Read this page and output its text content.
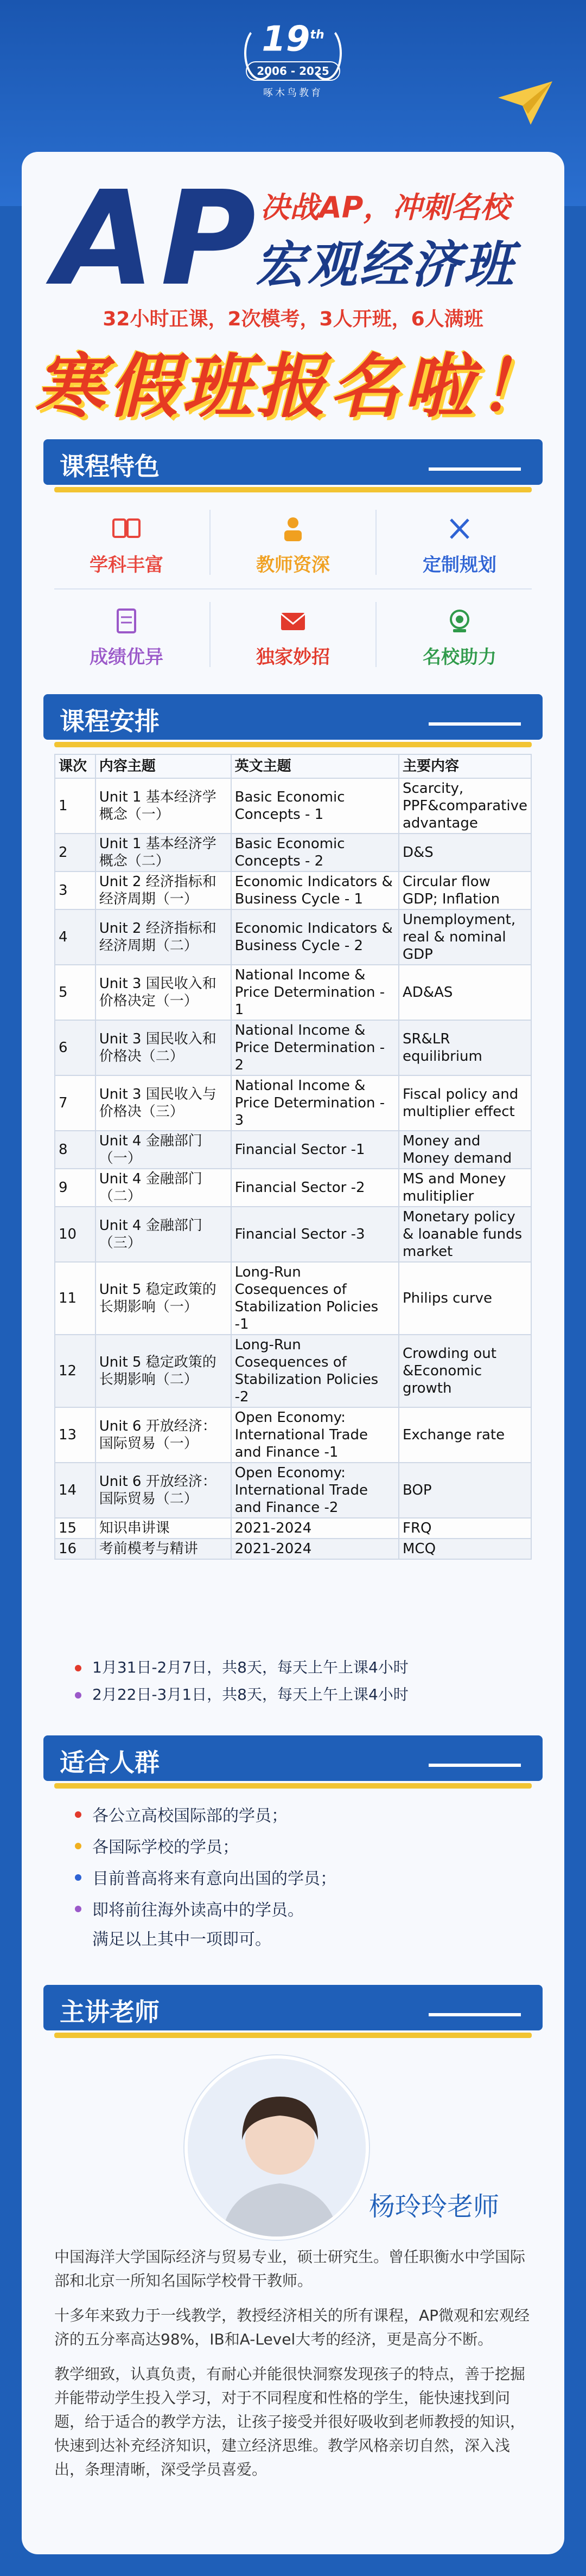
19th
2006 - 2025
啄木鸟教育
AP
决战AP，冲刺名校
宏观经济班
32小时正课，2次模考，3人开班，6人满班
寒假班报名啦！
课程特色
学科丰富	教师资深	定制规划
成绩优异	独家妙招	名校助力
课程安排
课次	内容主题	英文主题	主要内容
1	Unit 1 基本经济学概念（一）	Basic Economic Concepts - 1	Scarcity, PPF&comparative advantage
2	Unit 1 基本经济学概念（二）	Basic Economic Concepts - 2	D&S
3	Unit 2 经济指标和经济周期（一）	Economic Indicators & Business Cycle - 1	Circular flow GDP; Inflation
4	Unit 2 经济指标和经济周期（二）	Economic Indicators & Business Cycle - 2	Unemployment, real & nominal GDP
5	Unit 3 国民收入和价格决定（一）	National Income & Price Determination - 1	AD&AS
6	Unit 3 国民收入和价格决（二）	National Income & Price Determination - 2	SR&LR equilibrium
7	Unit 3 国民收入与价格决（三）	National Income & Price Determination - 3	Fiscal policy and multiplier effect
8	Unit 4 金融部门（一）	Financial Sector -1	Money and Money demand
9	Unit 4 金融部门（二）	Financial Sector -2	MS and Money mulitiplier
10	Unit 4 金融部门（三）	Financial Sector -3	Monetary policy & loanable funds market
11	Unit 5 稳定政策的长期影响（一）	Long-Run Cosequences of Stabilization Policies -1	Philips curve
12	Unit 5 稳定政策的长期影响（二）	Long-Run Cosequences of Stabilization Policies -2	Crowding out &Economic growth
13	Unit 6 开放经济：国际贸易（一）	Open Economy: International Trade and Finance -1	Exchange rate
14	Unit 6 开放经济：国际贸易（二）	Open Economy: International Trade and Finance -2	BOP
15	知识串讲课	2021-2024	FRQ
16	考前模考与精讲	2021-2024	MCQ
1月31日-2月7日，共8天，每天上午上课4小时
2月22日-3月1日，共8天，每天上午上课4小时
适合人群
各公立高校国际部的学员；
各国际学校的学员；
目前普高将来有意向出国的学员；
即将前往海外读高中的学员。
满足以上其中一项即可。
主讲老师
杨玲玲老师

中国海洋大学国际经济与贸易专业，硕士研究生。曾任职衡水中学国际部和北京一所知名国际学校骨干教师。

十多年来致力于一线教学，教授经济相关的所有课程，AP微观和宏观经济的五分率高达98%，IB和A-Level大考的经济，更是高分不断。

教学细致，认真负责，有耐心并能很快洞察发现孩子的特点，善于挖掘并能带动学生投入学习，对于不同程度和性格的学生，能快速找到问题，给于适合的教学方法，让孩子接受并很好吸收到老师教授的知识，快速到达补充经济知识，建立经济思维。教学风格亲切自然，深入浅出，条理清晰，深受学员喜爱。
